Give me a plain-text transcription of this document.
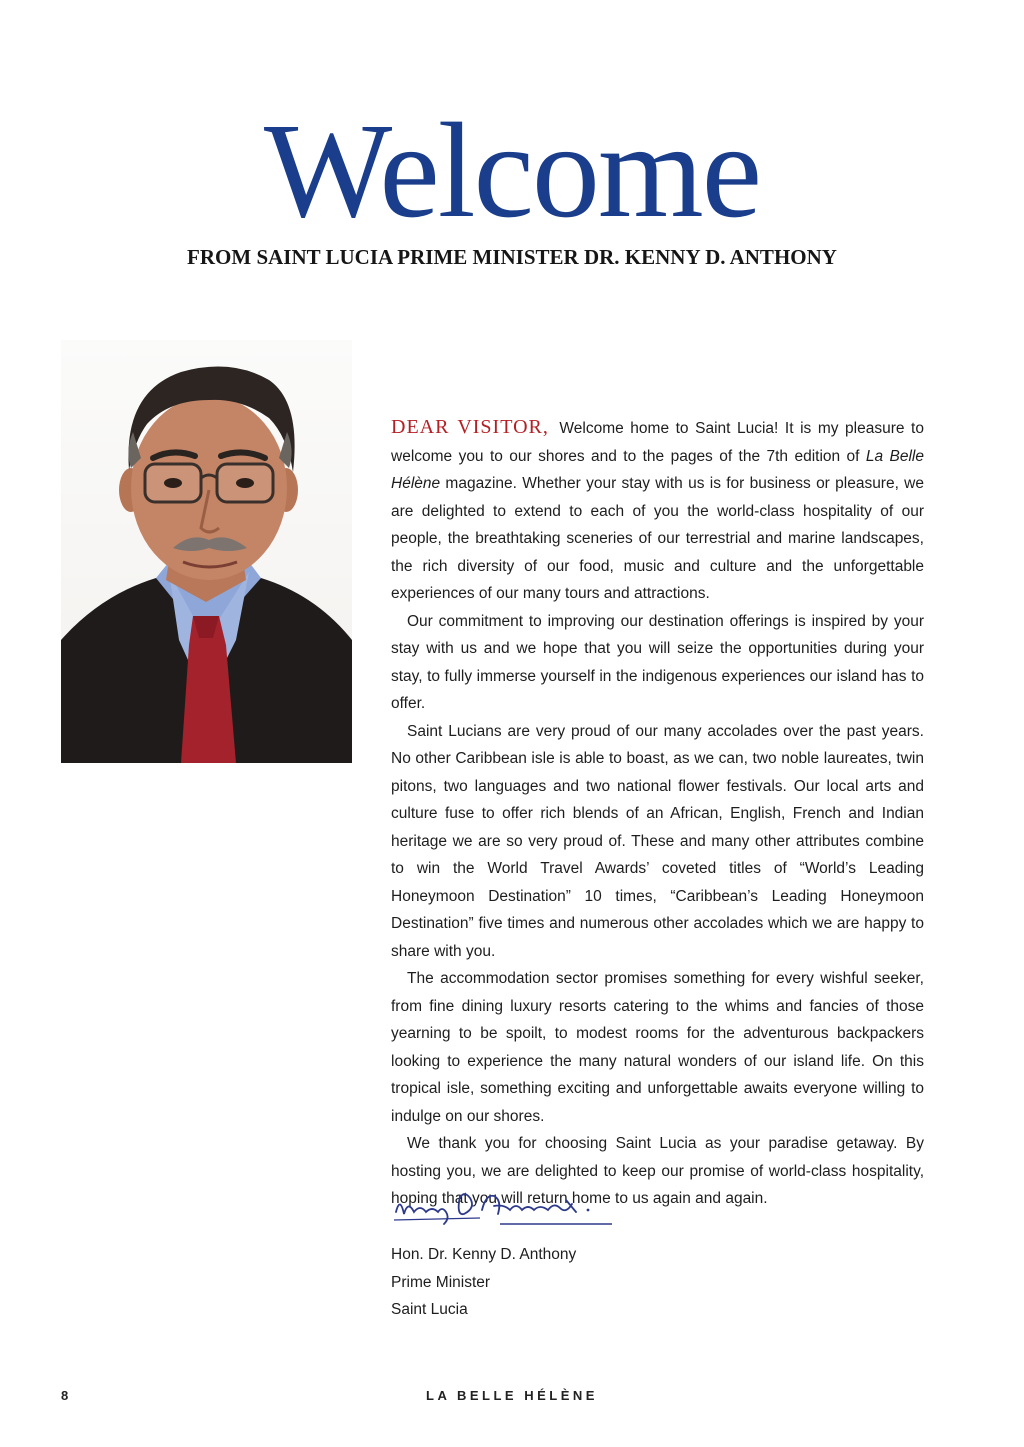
Welcome
FROM SAINT LUCIA PRIME MINISTER DR. KENNY D. ANTHONY

DEAR VISITOR, Welcome home to Saint Lucia! It is my pleasure to welcome you to our shores and to the pages of the 7th edition of La Belle Hélène magazine. Whether your stay with us is for business or pleasure, we are delighted to extend to each of you the world-class hospitality of our people, the breathtaking sceneries of our terrestrial and marine landscapes, the rich diversity of our food, music and culture and the unforgettable experiences of our many tours and attractions.

Our commitment to improving our destination offerings is inspired by your stay with us and we hope that you will seize the opportunities during your stay, to fully immerse yourself in the indigenous experiences our island has to offer.

Saint Lucians are very proud of our many accolades over the past years. No other Caribbean isle is able to boast, as we can, two noble laureates, twin pitons, two languages and two national flower festivals. Our local arts and culture fuse to offer rich blends of an African, English, French and Indian heritage we are so very proud of. These and many other attributes combine to win the World Travel Awards’ coveted titles of “World’s Leading Honeymoon Destination” 10 times, “Caribbean’s Leading Honeymoon Destination” five times and numerous other accolades which we are happy to share with you.

The accommodation sector promises something for every wishful seeker, from fine dining luxury resorts catering to the whims and fancies of those yearning to be spoilt, to modest rooms for the adventurous backpackers looking to experience the many natural wonders of our island life. On this tropical isle, something exciting and unforgettable awaits everyone willing to indulge on our shores.

We thank you for choosing Saint Lucia as your paradise getaway. By hosting you, we are delighted to keep our promise of world-class hospitality, hoping that you will return home to us again and again.

Hon. Dr. Kenny D. Anthony
Prime Minister
Saint Lucia
8	LA BELLE HÉLÈNE
